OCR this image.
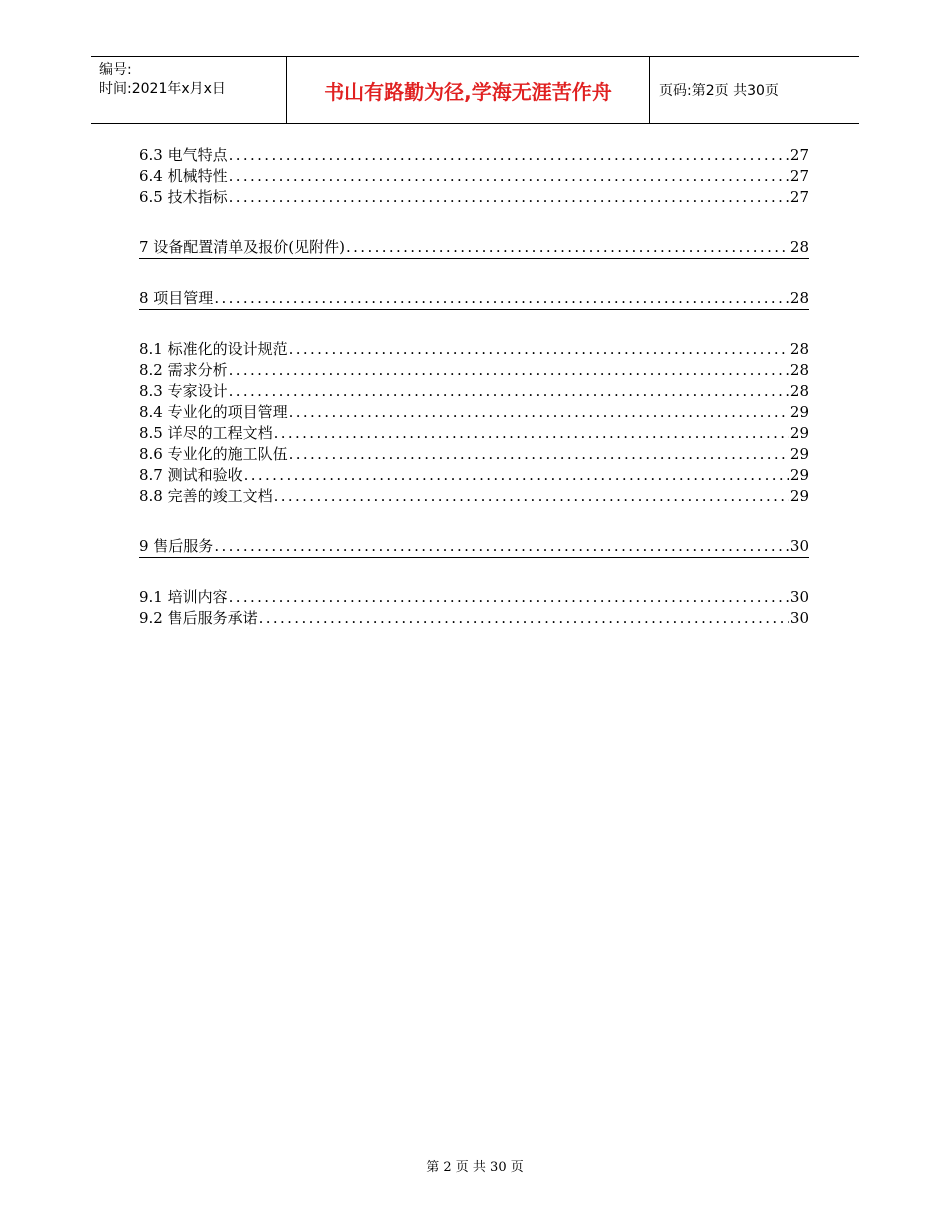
编号:
时间:2021年x月x日	书山有路勤为径,学海无涯苦作舟	页码:第2页 共30页
6.3 电气特点 . . .	27
6.4 机械特性 . . .	27
6.5 技术指标 . . .	27
7 设备配置清单及报价(见附件) . . .	28
8 项目管理 . . .	28
8.1 标准化的设计规范 . . .	28
8.2 需求分析 . . .	28
8.3 专家设计 . . .	28
8.4 专业化的项目管理 . . .	29
8.5 详尽的工程文档 . . .	29
8.6 专业化的施工队伍 . . .	29
8.7 测试和验收 . . .	29
8.8 完善的竣工文档 . . .	29
9 售后服务 . . .	30
9.1 培训内容 . . .	30
9.2 售后服务承诺 . . .	30
第 2 页 共 30 页
